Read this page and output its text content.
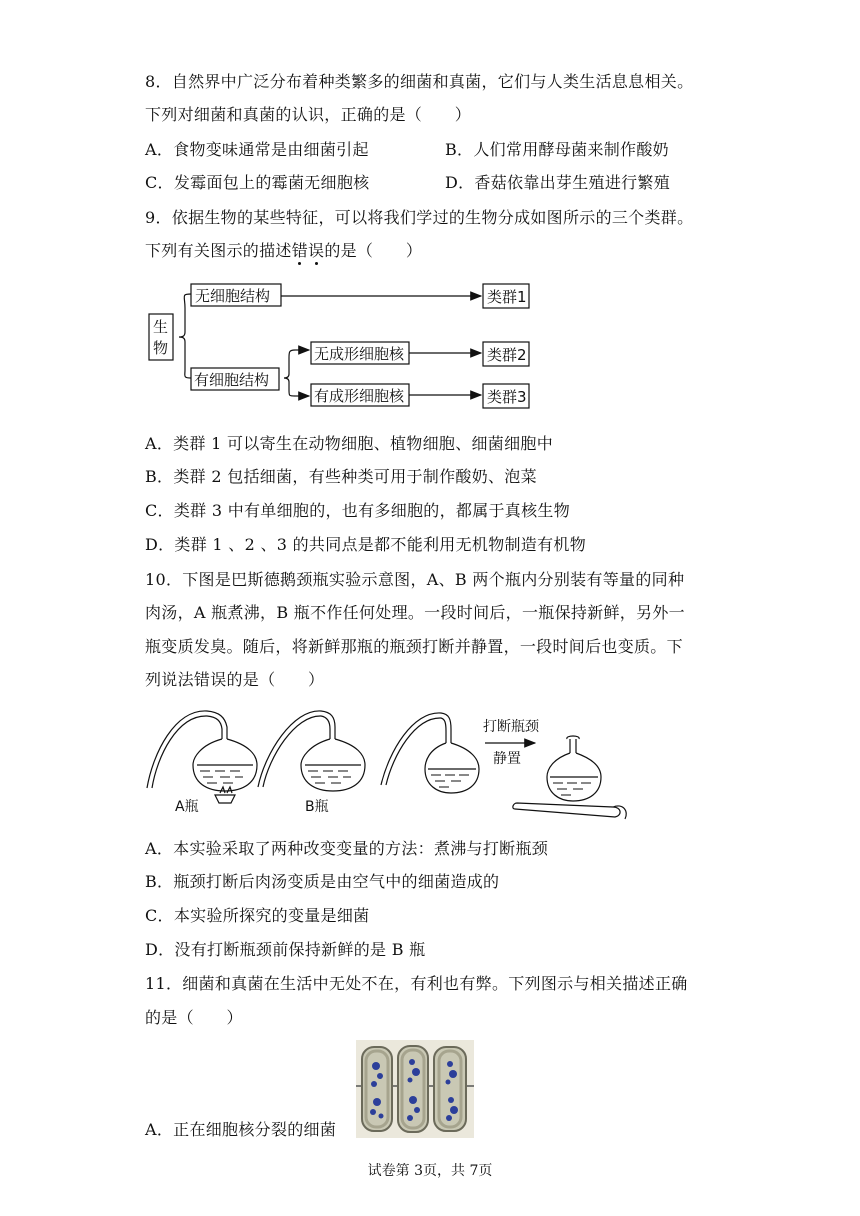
8．自然界中广泛分布着种类繁多的细菌和真菌，它们与人类生活息息相关。
下列对细菌和真菌的认识，正确的是（　　）
A．食物变味通常是由细菌引起	B．人们常用酵母菌来制作酸奶
C．发霉面包上的霉菌无细胞核	D．香菇依靠出芽生殖进行繁殖
9．依据生物的某些特征，可以将我们学过的生物分成如图所示的三个类群。
下列有关图示的描述错
误
的是（　　）
生
物
无细胞结构
有细胞结构
无成形细胞核
有成形细胞核
类群1
类群2
类群3
A．类群 1 可以寄生在动物细胞、植物细胞、细菌细胞中
B．类群 2 包括细菌，有些种类可用于制作酸奶、泡菜
C．类群 3 中有单细胞的，也有多细胞的，都属于真核生物
D．类群 1 、2 、3 的共同点是都不能利用无机物制造有机物
10．下图是巴斯德鹅颈瓶实验示意图，A、B 两个瓶内分别装有等量的同种
肉汤，A 瓶煮沸，B 瓶不作任何处理。一段时间后，一瓶保持新鲜，另外一
瓶变质发臭。随后，将新鲜那瓶的瓶颈打断并静置，一段时间后也变质。下
列说法错误的是（　　）
A瓶	B瓶
打断瓶颈
静置
A．本实验采取了两种改变变量的方法：煮沸与打断瓶颈
B．瓶颈打断后肉汤变质是由空气中的细菌造成的
C．本实验所探究的变量是细菌
D．没有打断瓶颈前保持新鲜的是 B 瓶
11．细菌和真菌在生活中无处不在，有利也有弊。下列图示与相关描述正确
的是（　　）
A．正在细胞核分裂的细菌
试卷第 3页，共 7页
